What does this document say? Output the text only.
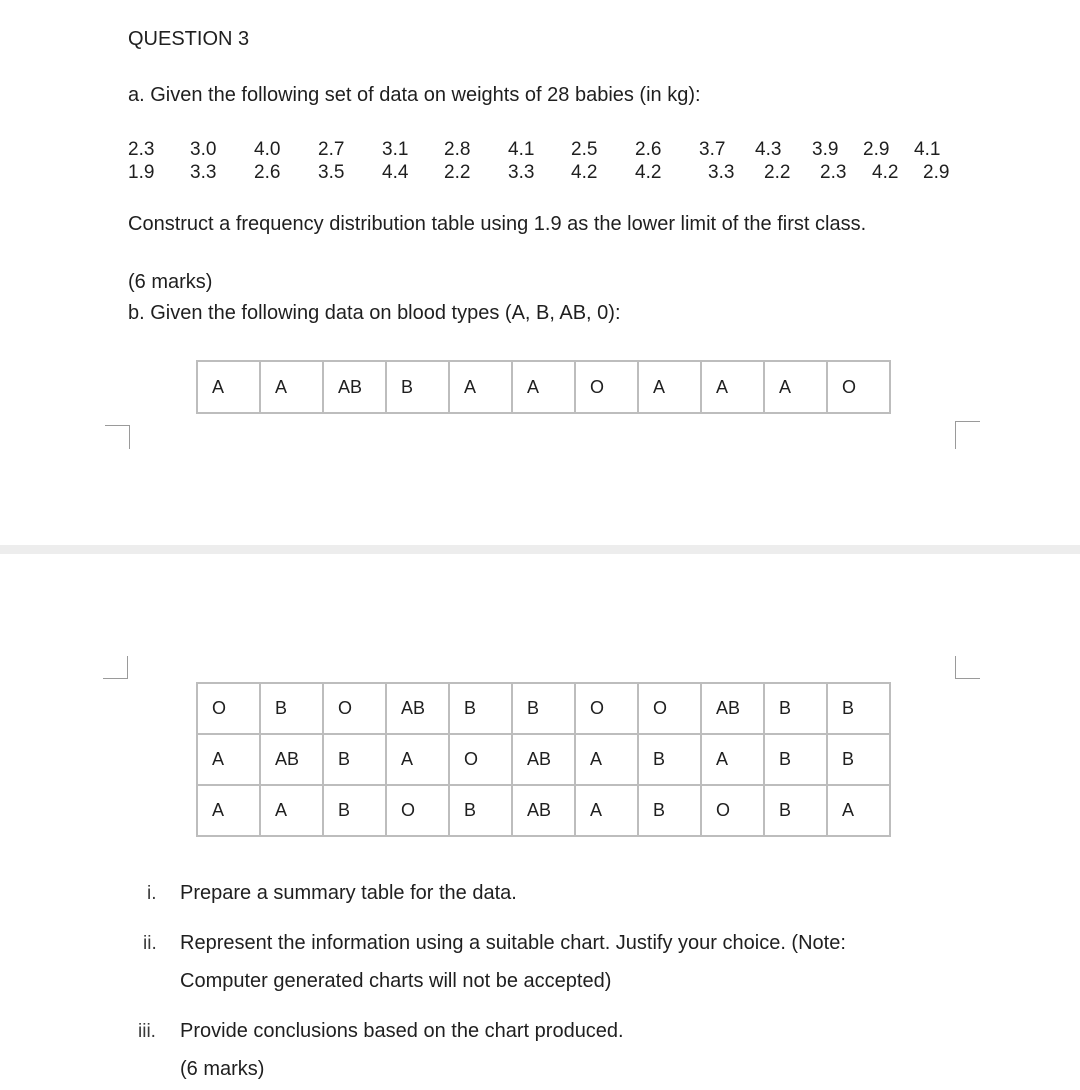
QUESTION 3
a. Given the following set of data on weights of 28 babies (in kg):
2.3 3.0 4.0 2.7 3.1 2.8 4.1 2.5 2.6 3.7 4.3 3.9 2.9 4.1
1.9 3.3 2.6 3.5 4.4 2.2 3.3 4.2 4.2 3.3 2.2 2.3 4.2 2.9
Construct a frequency distribution table using 1.9 as the lower limit of the first class.
(6 marks)
b. Given the following data on blood types (A, B, AB, 0):
A	A	AB	B	A	A	O	A	A	A	O
O	B	O	AB	B	B	O	O	AB	B	B
A	AB	B	A	O	AB	A	B	A	B	B
A	A	B	O	B	AB	A	B	O	B	A
i. Prepare a summary table for the data.
ii. Represent the information using a suitable chart. Justify your choice. (Note:
Computer generated charts will not be accepted)
iii. Provide conclusions based on the chart produced.
(6 marks)
